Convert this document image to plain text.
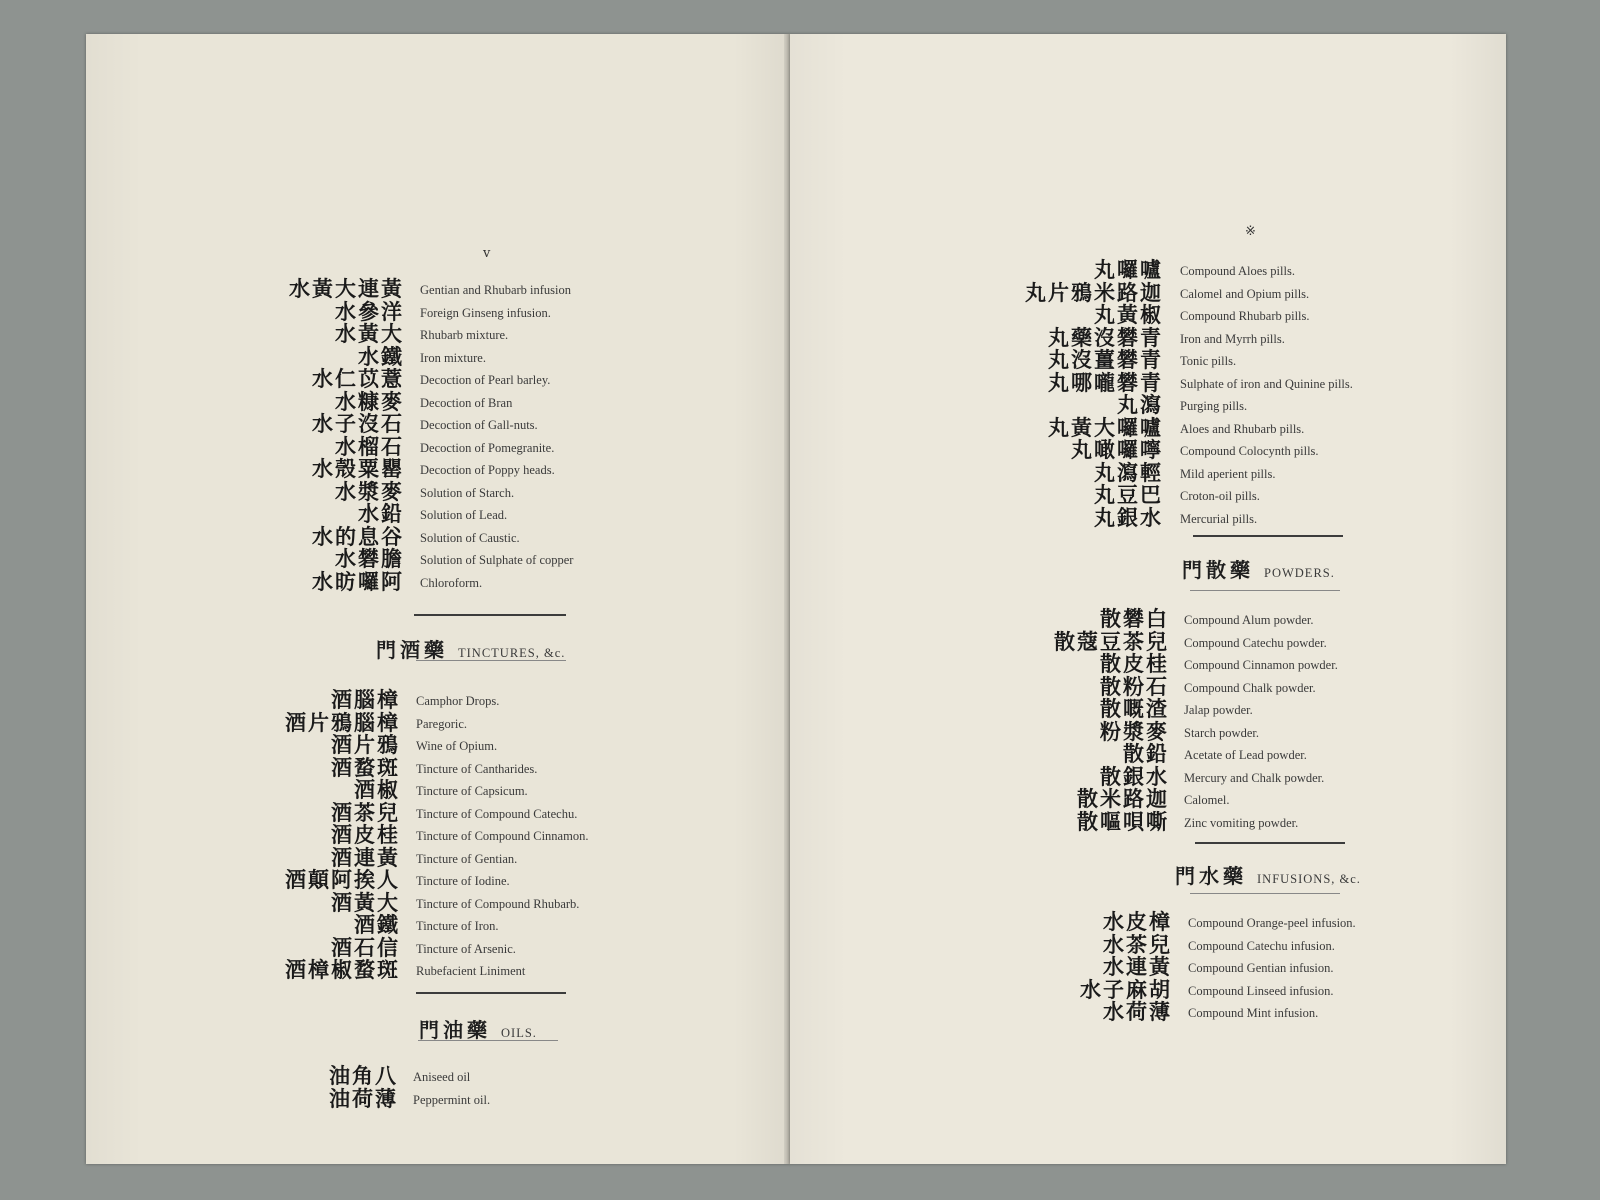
v
水黃大連黃 Gentian and Rhubarb infusion
水參洋 Foreign Ginseng infusion.
水黃大 Rhubarb mixture.
水鐵 Iron mixture.
水仁苡薏 Decoction of Pearl barley.
水糠麥 Decoction of Bran
水子沒石 Decoction of Gall-nuts.
水榴石 Decoction of Pomegranite.
水殼粟罌 Decoction of Poppy heads.
水漿麥 Solution of Starch.
水鉛 Solution of Lead.
水的息谷 Solution of Caustic.
水礬膽 Solution of Sulphate of copper
水昉囉阿 Chloroform.
門酒藥 TINCTURES, &c.
酒腦樟 Camphor Drops.
酒片鴉腦樟 Paregoric.
酒片鴉 Wine of Opium.
酒蝥斑 Tincture of Cantharides.
酒椒 Tincture of Capsicum.
酒茶兒 Tincture of Compound Catechu.
酒皮桂 Tincture of Compound Cinnamon.
酒連黃 Tincture of Gentian.
酒顛阿挨人 Tincture of Iodine.
酒黃大 Tincture of Compound Rhubarb.
酒鐵 Tincture of Iron.
酒石信 Tincture of Arsenic.
酒樟椒蝥斑 Rubefacient Liniment
門油藥 OILS.
油角八 Aniseed oil
油荷薄 Peppermint oil.
※
丸囉嚧 Compound Aloes pills.
丸片鴉米路迦 Calomel and Opium pills.
丸黃椒 Compound Rhubarb pills.
丸藥沒礬青 Iron and Myrrh pills.
丸沒薑礬青 Tonic pills.
丸哪嚨礬青 Sulphate of iron and Quinine pills.
丸瀉 Purging pills.
丸黃大囉嚧 Aloes and Rhubarb pills.
丸噉囉嚀 Compound Colocynth pills.
丸瀉輕 Mild aperient pills.
丸豆巴 Croton-oil pills.
丸銀水 Mercurial pills.
門散藥 POWDERS.
散礬白 Compound Alum powder.
散蔻豆茶兒 Compound Catechu powder.
散皮桂 Compound Cinnamon powder.
散粉石 Compound Chalk powder.
散嘅渣 Jalap powder.
粉漿麥 Starch powder.
散鉛 Acetate of Lead powder.
散銀水 Mercury and Chalk powder.
散米路迦 Calomel.
散嘔唄嘶 Zinc vomiting powder.
門水藥 INFUSIONS, &c.
水皮樟 Compound Orange-peel infusion.
水茶兒 Compound Catechu infusion.
水連黃 Compound Gentian infusion.
水子麻胡 Compound Linseed infusion.
水荷薄 Compound Mint infusion.
